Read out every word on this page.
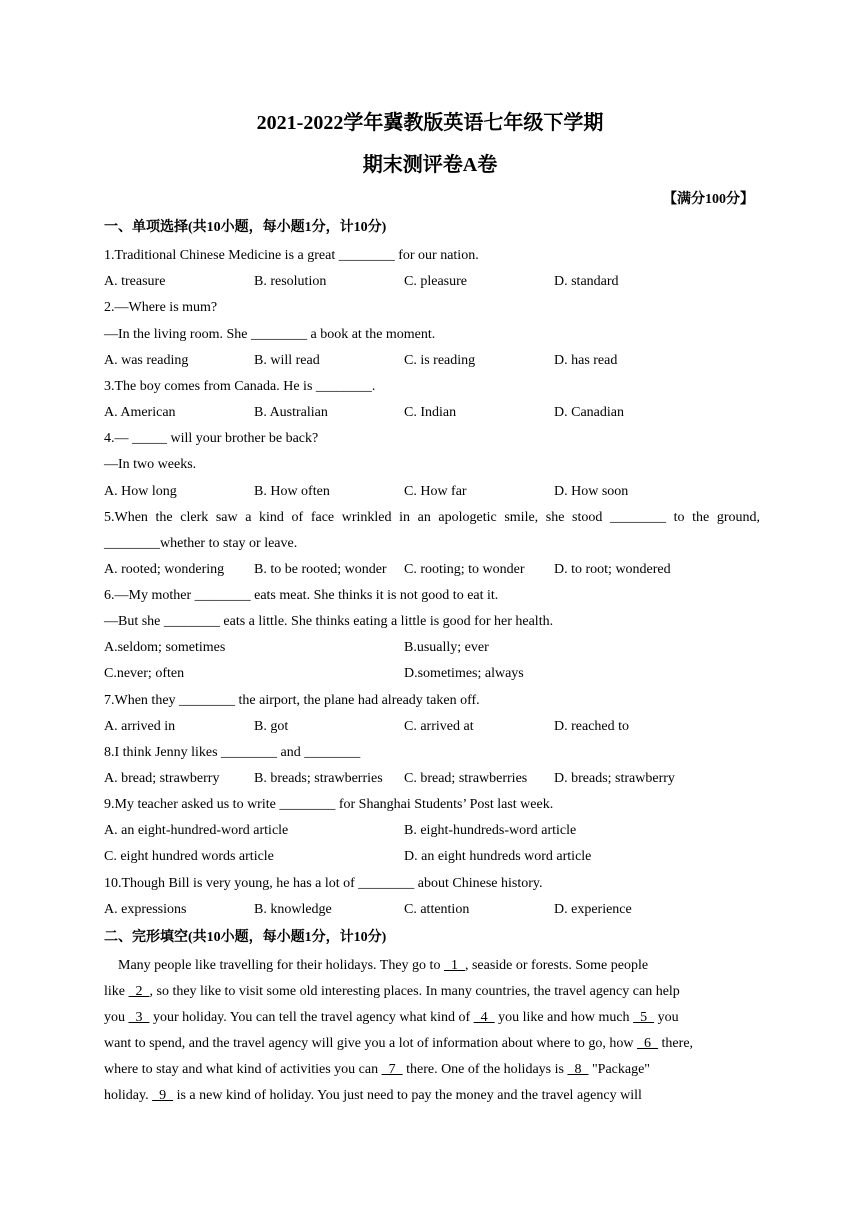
2021-2022学年冀教版英语七年级下学期
期末测评卷A卷
【满分100分】
一、单项选择(共10小题，每小题1分，计10分)
1.Traditional Chinese Medicine is a great ________ for our nation.
A. treasure	B. resolution	C. pleasure	D. standard
2.—Where is mum?
—In the living room. She ________ a book at the moment.
A. was reading	B. will read	C. is reading	D. has read
3.The boy comes from Canada. He is ________.
A. American	B. Australian	C. Indian	D. Canadian
4.— _____ will your brother be back?
—In two weeks.
A. How long	B. How often	C. How far	D. How soon
5.When the clerk saw a kind of face wrinkled in an apologetic smile, she stood ________ to the ground,
________whether to stay or leave.
A. rooted; wondering B. to be rooted; wonder C. rooting; to wonder D. to root; wondered
6.—My mother ________ eats meat. She thinks it is not good to eat it.
—But she ________ eats a little. She thinks eating a little is good for her health.
A.seldom; sometimes	B.usually; ever
C.never; often	D.sometimes; always
7.When they ________ the airport, the plane had already taken off.
A. arrived in	B. got	C. arrived at	D. reached to
8.I think Jenny likes ________ and ________
A. bread; strawberry B. breads; strawberries C. bread; strawberries D. breads; strawberry
9.My teacher asked us to write ________ for Shanghai Students’ Post last week.
A. an eight-hundred-word article	B. eight-hundreds-word article
C. eight hundred words article	D. an eight hundreds word article
10.Though Bill is very young, he has a lot of ________ about Chinese history.
A. expressions	B. knowledge	C. attention	D. experience
二、完形填空(共10小题，每小题1分，计10分)
Many people like travelling for their holidays. They go to   1  , seaside or forests. Some people
like   2  , so they like to visit some old interesting places. In many countries, the travel agency can help
you   3   your holiday. You can tell the travel agency what kind of   4   you like and how much   5   you
want to spend, and the travel agency will give you a lot of information about where to go, how   6   there,
where to stay and what kind of activities you can   7   there. One of the holidays is   8   "Package"
holiday.   9   is a new kind of holiday. You just need to pay the money and the travel agency will
